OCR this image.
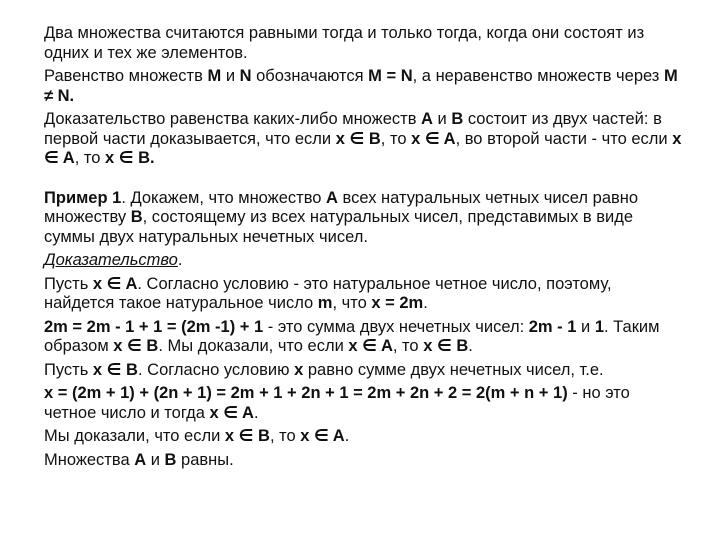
Два множества считаются равными тогда и только тогда, когда они состоят из одних и тех же элементов.

Равенство множеств M и N обозначаются M = N, а неравенство множеств через M ≠ N.

Доказательство равенства каких-либо множеств A и B состоит из двух частей: в первой части доказывается, что если x ∈ B, то x ∈ A, во второй части - что если x ∈ A, то x ∈ B.

Пример 1. Докажем, что множество A всех натуральных четных чисел равно множеству B, состоящему из всех натуральных чисел, представимых в виде суммы двух натуральных нечетных чисел.

Доказательство.

Пусть x ∈ A. Согласно условию - это натуральное четное число, поэтому, найдется такое натуральное число m, что x = 2m.

2m = 2m - 1 + 1 = (2m -1) + 1 - это сумма двух нечетных чисел: 2m - 1 и 1. Таким образом x ∈ B. Мы доказали, что если x ∈ A, то x ∈ B.

Пусть x ∈ B. Согласно условию x равно сумме двух нечетных чисел, т.е.

x = (2m + 1) + (2n + 1) = 2m + 1 + 2n + 1 = 2m + 2n + 2 = 2(m + n + 1) - но это четное число и тогда x ∈ A.

Мы доказали, что если x ∈ B, то x ∈ A.

Множества A и B равны.
